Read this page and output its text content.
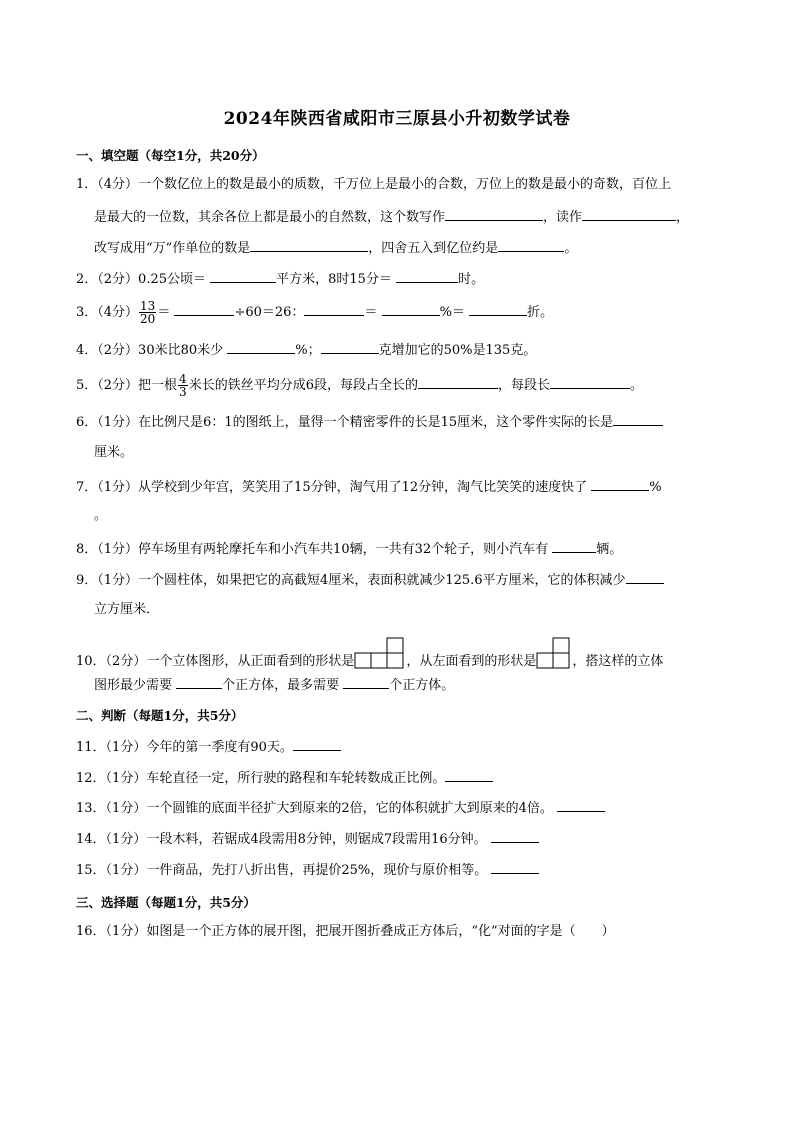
2024年陕西省咸阳市三原县小升初数学试卷
一、填空题（每空1分，共20分）
1．（4分）一个数亿位上的数是最小的质数，千万位上是最小的合数，万位上的数是最小的奇数，百位上
是最大的一位数，其余各位上都是最小的自然数，这个数写作	，读作	，
改写成用“万”作单位的数是	，四舍五入到亿位约是	。
2．（2分）0.25公顷＝	平方米，8时15分＝	时。
3．（4分） $\frac{13}{20}$ ＝	÷60＝26：	＝	%＝	折。
4．（2分）30米比80米少	%；	克增加它的50%是135克。
5．（2分）把一根 $\frac{4}{3}$ 米长的铁丝平均分成6段，每段占全长的	，每段长	。
6．（1分）在比例尺是6：1的图纸上，量得一个精密零件的长是15厘米，这个零件实际的长是
厘米。
7．（1分）从学校到少年宫，笑笑用了15分钟，淘气用了12分钟，淘气比笑笑的速度快了	%
。
8．（1分）停车场里有两轮摩托车和小汽车共10辆，一共有32个轮子，则小汽车有	辆。
9．（1分）一个圆柱体，如果把它的高截短4厘米，表面积就减少125.6平方厘米，它的体积减少
立方厘米．
10．（2分）一个立体图形，从正面看到的形状是	，从左面看到的形状是	，搭这样的立体
图形最少需要	个正方体，最多需要	个正方体。
二、判断（每题1分，共5分）
11．（1分）今年的第一季度有90天。
12．（1分）车轮直径一定，所行驶的路程和车轮转数成正比例。
13．（1分）一个圆锥的底面半径扩大到原来的2倍，它的体积就扩大到原来的4倍。
14．（1分）一段木料，若锯成4段需用8分钟，则锯成7段需用16分钟。
15．（1分）一件商品，先打八折出售，再提价25%，现价与原价相等。
三、选择题（每题1分，共5分）
16．（1分）如图是一个正方体的展开图，把展开图折叠成正方体后，“化”对面的字是（　　）
